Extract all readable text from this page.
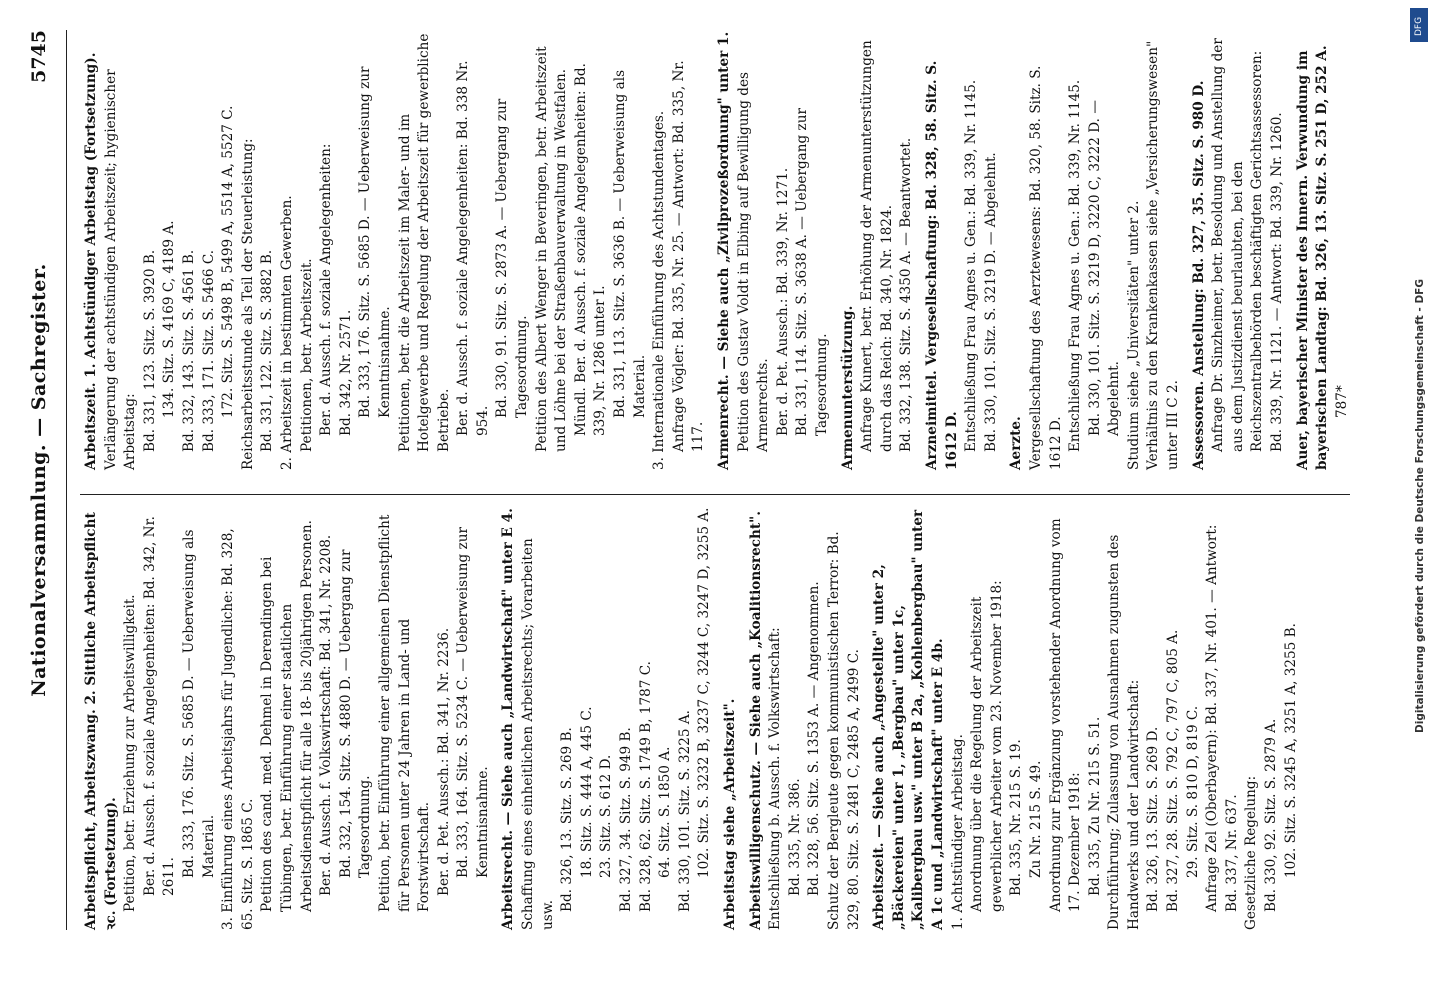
Nationalversammlung. — Sachregister.
5745

Arbeitspflicht, Arbeitszwang. 2. Sittliche Arbeitspflicht ꝛc. (Fortsetzung). Petition, betr. Erziehung zur Arbeitswilligkeit. Ber. d. Aussch. f. soziale Angelegenheiten: Bd. 342, Nr. 2611. Bd. 333, 176. Sitz. S. 5685 D. — Ueberweisung als Material. 3. Einführung eines Arbeitsjahrs für Jugendliche: Bd. 328, 65. Sitz. S. 1865 C. Petition des cand. med. Dehmel in Derendingen bei Tübingen, betr. Einführung einer staatlichen Arbeitsdienstpflicht für alle 18- bis 20jährigen Personen. Ber. d. Aussch. f. Volkswirtschaft: Bd. 341, Nr. 2208. Bd. 332, 154. Sitz. S. 4880 D. — Uebergang zur Tagesordnung. Petition, betr. Einführung einer allgemeinen Dienstpflicht für Personen unter 24 Jahren in Land- und Forstwirtschaft. Ber. d. Pet. Aussch.: Bd. 341, Nr. 2236. Bd. 333, 164. Sitz. S. 5234 C. — Ueberweisung zur Kenntnisnahme. Arbeitsrecht. — Siehe auch „Landwirtschaft" unter E 4. Schaffung eines einheitlichen Arbeitsrechts; Vorarbeiten usw.

Bd. 326, 13. Sitz. S. 269 B. 18. Sitz. S. 444 A, 445 C. 23. Sitz. S. 612 D. Bd. 327, 34. Sitz. S. 949 B. Bd. 328, 62. Sitz. S. 1749 B, 1787 C. 64. Sitz. S. 1850 A. Bd. 330, 101. Sitz. S. 3225 A. 102. Sitz. S. 3232 B, 3237 C, 3244 C, 3247 D, 3255 A. Arbeitstag siehe „Arbeitszeit". Arbeitswilligenschutz. — Siehe auch „Koalitionsrecht". Entschließung b. Aussch. f. Volkswirtschaft: Bd. 335, Nr. 386. Bd. 328, 56. Sitz. S. 1353 A. — Angenommen. Schutz der Bergleute gegen kommunistischen Terror: Bd. 329, 80. Sitz. S. 2481 C, 2485 A, 2499 C. Arbeitszeit. — Siehe auch „Angestellte" unter 2, „Bäckereien" unter 1, „Bergbau" unter 1c, „Kalibergbau usw." unter B 2a, „Kohlenbergbau" unter A 1c und „Landwirtschaft" unter E 4b. 1. Achtstündiger Arbeitstag. Anordnung über die Regelung der Arbeitszeit gewerblicher Arbeiter vom 23. November 1918: Bd. 335, Nr. 215 S. 19. Zu Nr. 215 S. 49. Anordnung zur Ergänzung vorstehender Anordnung vom 17. Dezember 1918: Bd. 335, Zu Nr. 215 S. 51. Durchführung; Zulassung von Ausnahmen zugunsten des Handwerks und der Landwirtschaft: Bd. 326, 13. Sitz. S. 269 D. Bd. 327, 28. Sitz. S. 792 C, 797 C, 805 A. 29. Sitz. S. 810 D, 819 C. Anfrage Zel (Oberbayern): Bd. 337, Nr. 401. — Antwort: Bd. 337, Nr. 637. Gesetzliche Regelung: Bd. 330, 92. Sitz. S. 2879 A. 102. Sitz. S. 3245 A, 3251 A, 3255 B.

Arbeitszeit. 1. Achtstündiger Arbeitstag (Fortsetzung). Verlängerung der achtstündigen Arbeitszeit; hygienischer Arbeitstag: Bd. 331, 123. Sitz. S. 3920 B. 134. Sitz. S. 4169 C, 4189 A. Bd. 332, 143. Sitz. S. 4561 B. Bd. 333, 171. Sitz. S. 5466 C. 172. Sitz. S. 5498 B, 5499 A, 5514 A, 5527 C. Reichsarbeitsstunde als Teil der Steuerleistung: Bd. 331, 122. Sitz. S. 3882 B. 2. Arbeitszeit in bestimmten Gewerben. Petitionen, betr. Arbeitszeit. Ber. d. Aussch. f. soziale Angelegenheiten: Bd. 342, Nr. 2571. Bd. 333, 176. Sitz. S. 5685 D. — Ueberweisung zur Kenntnisnahme. Petitionen, betr. die Arbeitszeit im Maler- und im Hotelgewerbe und Regelung der Arbeitszeit für gewerbliche Betriebe. Ber. d. Aussch. f. soziale Angelegenheiten: Bd. 338 Nr. 954.

Bd. 330, 91. Sitz. S. 2873 A. — Uebergang zur Tagesordnung. Petition des Albert Wenger in Beveringen, betr. Arbeitszeit und Löhne bei der Straßenbauverwaltung in Westfalen. Mündl. Ber. d. Aussch. f. soziale Angelegenheiten: Bd. 339, Nr. 1286 unter I. Bd. 331, 113. Sitz. S. 3636 B. — Ueberweisung als Material. 3. Internationale Einführung des Achtstundentages. Anfrage Vögler: Bd. 335, Nr. 25. — Antwort: Bd. 335, Nr. 117. Armenrecht. — Siehe auch „Zivilprozeßordnung" unter 1. Petition des Gustav Voldt in Elbing auf Bewilligung des Armenrechts. Ber. d. Pet. Aussch.: Bd. 339, Nr. 1271. Bd. 331, 114. Sitz. S. 3638 A. — Uebergang zur Tagesordnung. Armenunterstützung. Anfrage Kunert, betr. Erhöhung der Armenunterstützungen durch das Reich: Bd. 340, Nr. 1824. Bd. 332, 138. Sitz. S. 4350 A. — Beantwortet. Arzneimittel. Vergesellschaftung: Bd. 328, 58. Sitz. S. 1612 D. Entschließung Frau Agnes u. Gen.: Bd. 339, Nr. 1145. Bd. 330, 101. Sitz. S. 3219 D. — Abgelehnt. Aerzte. Vergesellschaftung des Aerztewesens: Bd. 320, 58. Sitz. S. 1612 D. Entschließung Frau Agnes u. Gen.: Bd. 339, Nr. 1145. Bd. 330, 101. Sitz. S. 3219 D, 3220 C, 3222 D. — Abgelehnt. Studium siehe „Universitäten" unter 2. Verhältnis zu den Krankenkassen siehe „Versicherungswesen" unter III C 2. Assessoren. Anstellung: Bd. 327, 35. Sitz. S. 980 D. Anfrage Dr. Sinzheimer, betr. Besoldung und Anstellung der aus dem Justizdienst beurlaubten, bei den Reichszentralbehörden beschäftigten Gerichtsassessoren: Bd. 339, Nr. 1121. — Antwort: Bd. 339, Nr. 1260. Auer, bayerischer Minister des Innern. Verwundung im bayerischen Landtag: Bd. 326, 13. Sitz. S. 251 D, 252 A. 787*

DFG
Digitalisierung gefördert durch die Deutsche Forschungsgemeinschaft - DFG
